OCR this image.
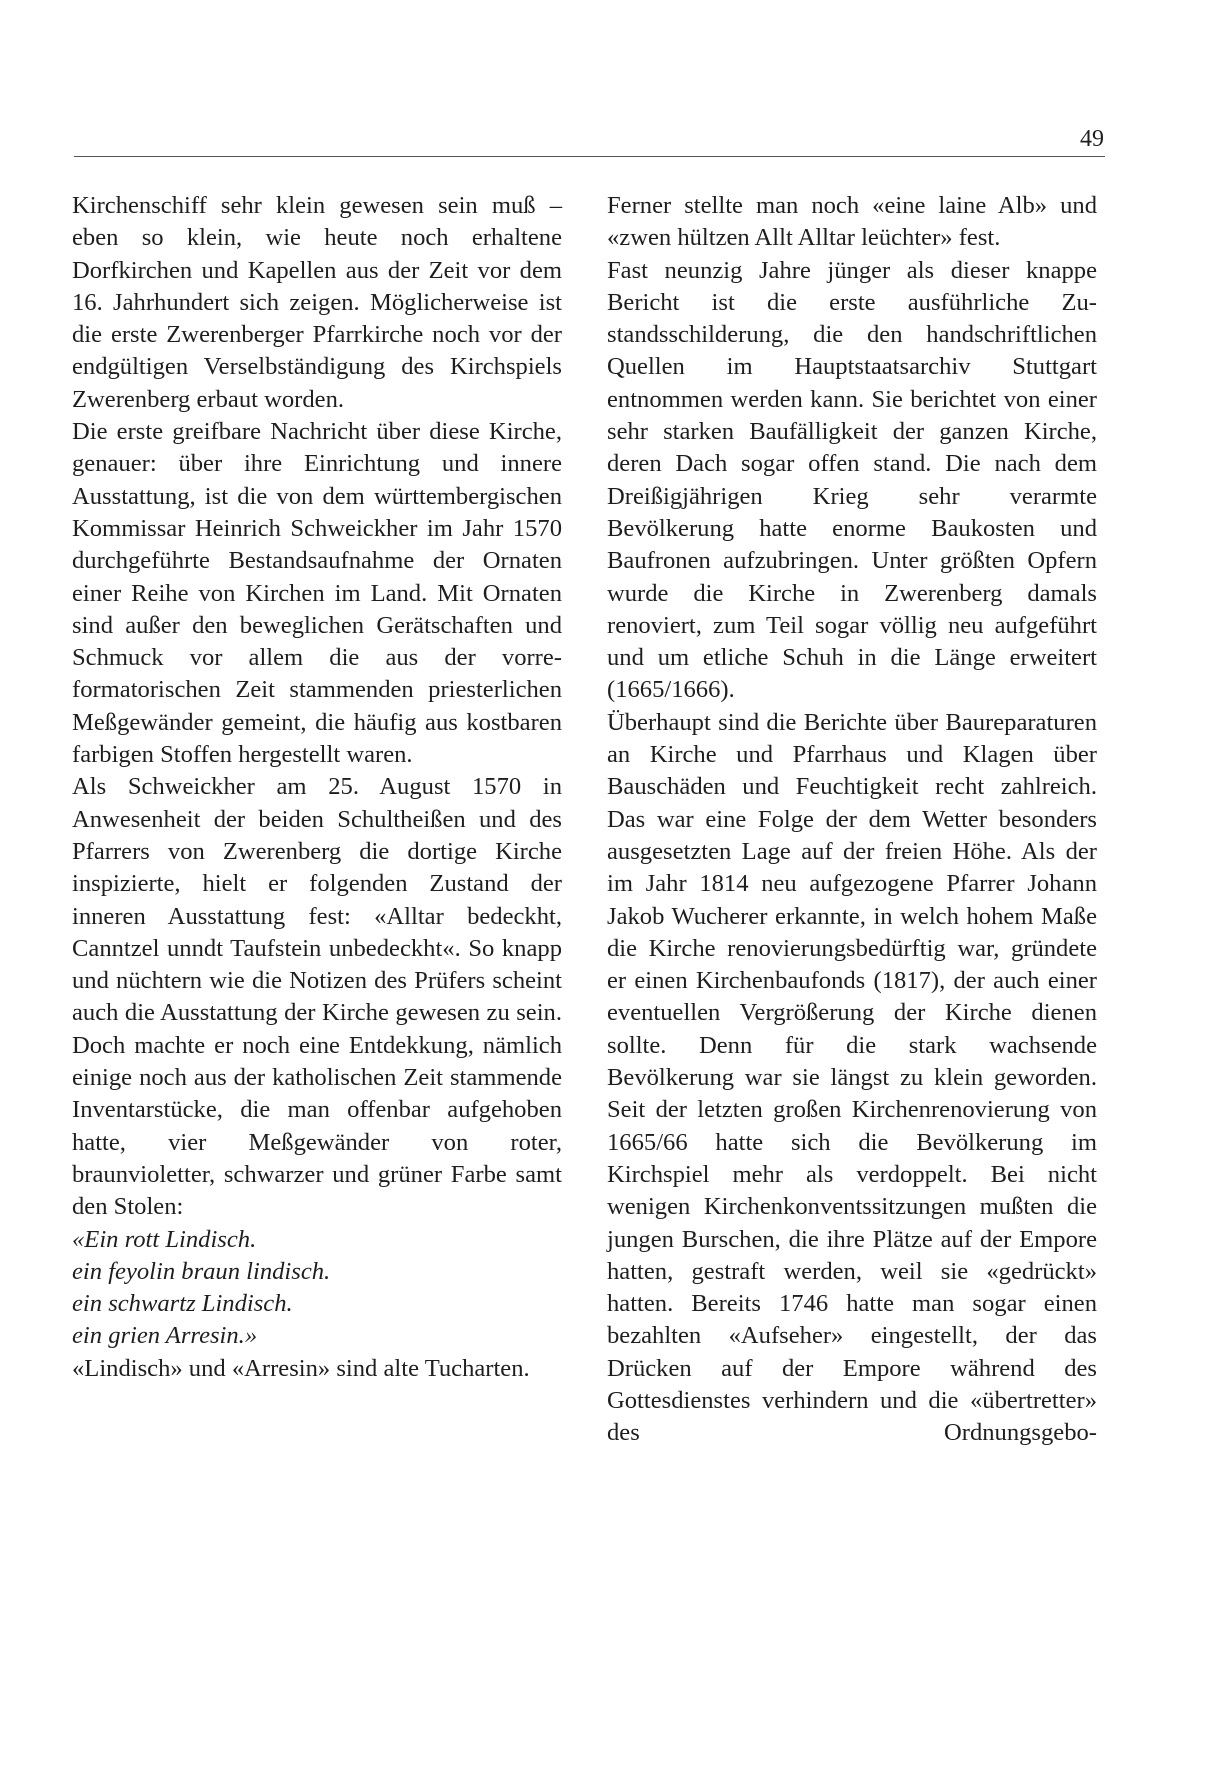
49

Kirchenschiff sehr klein gewesen sein muß – eben so klein, wie heute noch erhaltene Dorfkirchen und Kapellen aus der Zeit vor dem 16. Jahrhundert sich zeigen. Möglicherweise ist die erste Zwerenberger Pfarrkirche noch vor der endgültigen Verselbständigung des Kirchspiels Zwerenberg erbaut worden.

Die erste greifbare Nachricht über diese Kirche, genauer: über ihre Einrichtung und innere Ausstattung, ist die von dem württembergischen Kommissar Heinrich Schweickher im Jahr 1570 durchgeführte Bestandsaufnahme der Ornaten einer Reihe von Kirchen im Land. Mit Ornaten sind außer den beweglichen Gerätschaften und Schmuck vor allem die aus der vorreformatorischen Zeit stammenden priesterlichen Meßgewänder gemeint, die häufig aus kostbaren farbigen Stoffen hergestellt waren.

Als Schweickher am 25. August 1570 in Anwesenheit der beiden Schultheißen und des Pfarrers von Zwerenberg die dortige Kirche inspizierte, hielt er folgenden Zustand der inneren Ausstattung fest: «Alltar bedeckht, Canntzel unndt Taufstein unbedeckht«. So knapp und nüchtern wie die Notizen des Prüfers scheint auch die Ausstattung der Kirche gewesen zu sein. Doch machte er noch eine Entdekkung, nämlich einige noch aus der katholischen Zeit stammende Inventarstücke, die man offenbar aufgehoben hatte, vier Meßgewänder von roter, braunvioletter, schwarzer und grüner Farbe samt den Stolen:

«Ein rott Lindisch.

ein feyolin braun lindisch.

ein schwartz Lindisch.

ein grien Arresin.»

«Lindisch» und «Arresin» sind alte Tucharten.

Ferner stellte man noch «eine laine Alb» und «zwen hültzen Allt Alltar leüchter» fest.

Fast neunzig Jahre jünger als dieser knappe Bericht ist die erste ausführliche Zustandsschilderung, die den handschriftlichen Quellen im Hauptstaatsarchiv Stuttgart entnommen werden kann. Sie berichtet von einer sehr starken Baufälligkeit der ganzen Kirche, deren Dach sogar offen stand. Die nach dem Dreißigjährigen Krieg sehr verarmte Bevölkerung hatte enorme Baukosten und Baufronen aufzubringen. Unter größten Opfern wurde die Kirche in Zwerenberg damals renoviert, zum Teil sogar völlig neu aufgeführt und um etliche Schuh in die Länge erweitert (1665/1666).

Überhaupt sind die Berichte über Baureparaturen an Kirche und Pfarrhaus und Klagen über Bauschäden und Feuchtigkeit recht zahlreich. Das war eine Folge der dem Wetter besonders ausgesetzten Lage auf der freien Höhe. Als der im Jahr 1814 neu aufgezogene Pfarrer Johann Jakob Wucherer erkannte, in welch hohem Maße die Kirche renovierungsbedürftig war, gründete er einen Kirchenbaufonds (1817), der auch einer eventuellen Vergrößerung der Kirche dienen sollte. Denn für die stark wachsende Bevölkerung war sie längst zu klein geworden. Seit der letzten großen Kirchenrenovierung von 1665/66 hatte sich die Bevölkerung im Kirchspiel mehr als verdoppelt. Bei nicht wenigen Kirchenkonventssitzungen mußten die jungen Burschen, die ihre Plätze auf der Empore hatten, gestraft werden, weil sie «gedrückt» hatten. Bereits 1746 hatte man sogar einen bezahlten «Aufseher» eingestellt, der das Drücken auf der Empore während des Gottesdienstes verhindern und die «übertretter» des Ordnungsgebo-
